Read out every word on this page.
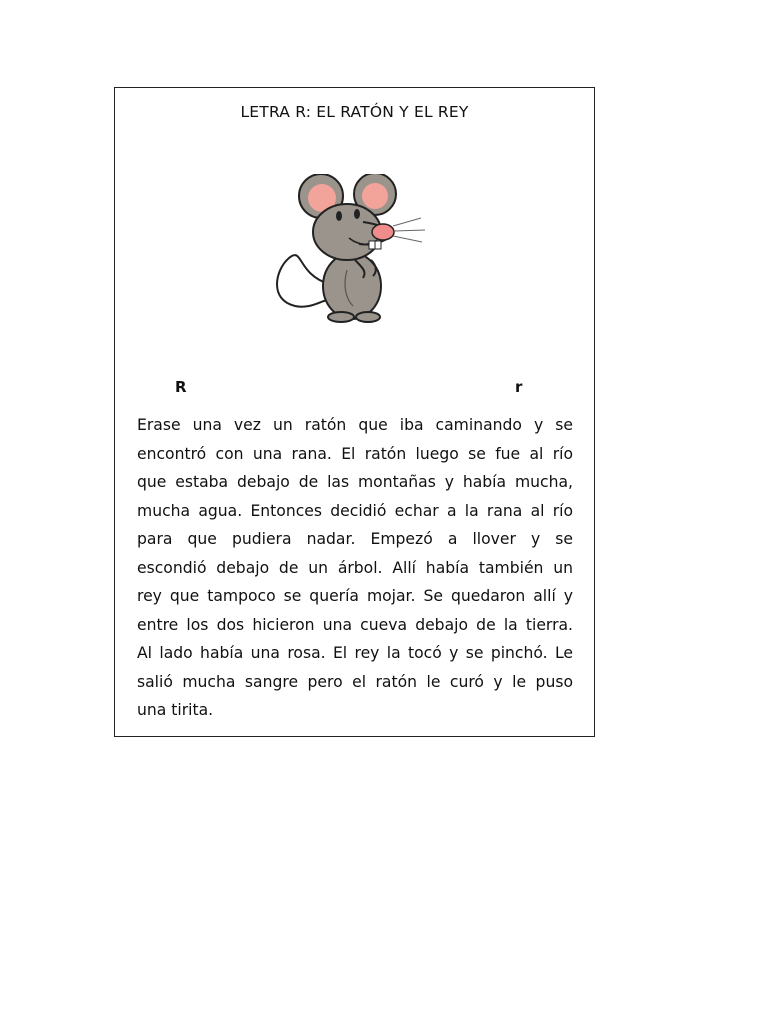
LETRA R: EL RATÓN Y EL REY
R	r
Erase una vez un ratón que iba caminando y se
encontró con una rana. El ratón luego se fue al río
que estaba debajo de las montañas y había mucha,
mucha agua. Entonces decidió echar a la rana al río
para que pudiera nadar. Empezó a llover y se
escondió debajo de un árbol. Allí había también un
rey que tampoco se quería mojar. Se quedaron allí y
entre los dos hicieron una cueva debajo de la tierra.
Al lado había una rosa. El rey la tocó y se pinchó. Le
salió mucha sangre pero el ratón le curó y le puso
una tirita.
